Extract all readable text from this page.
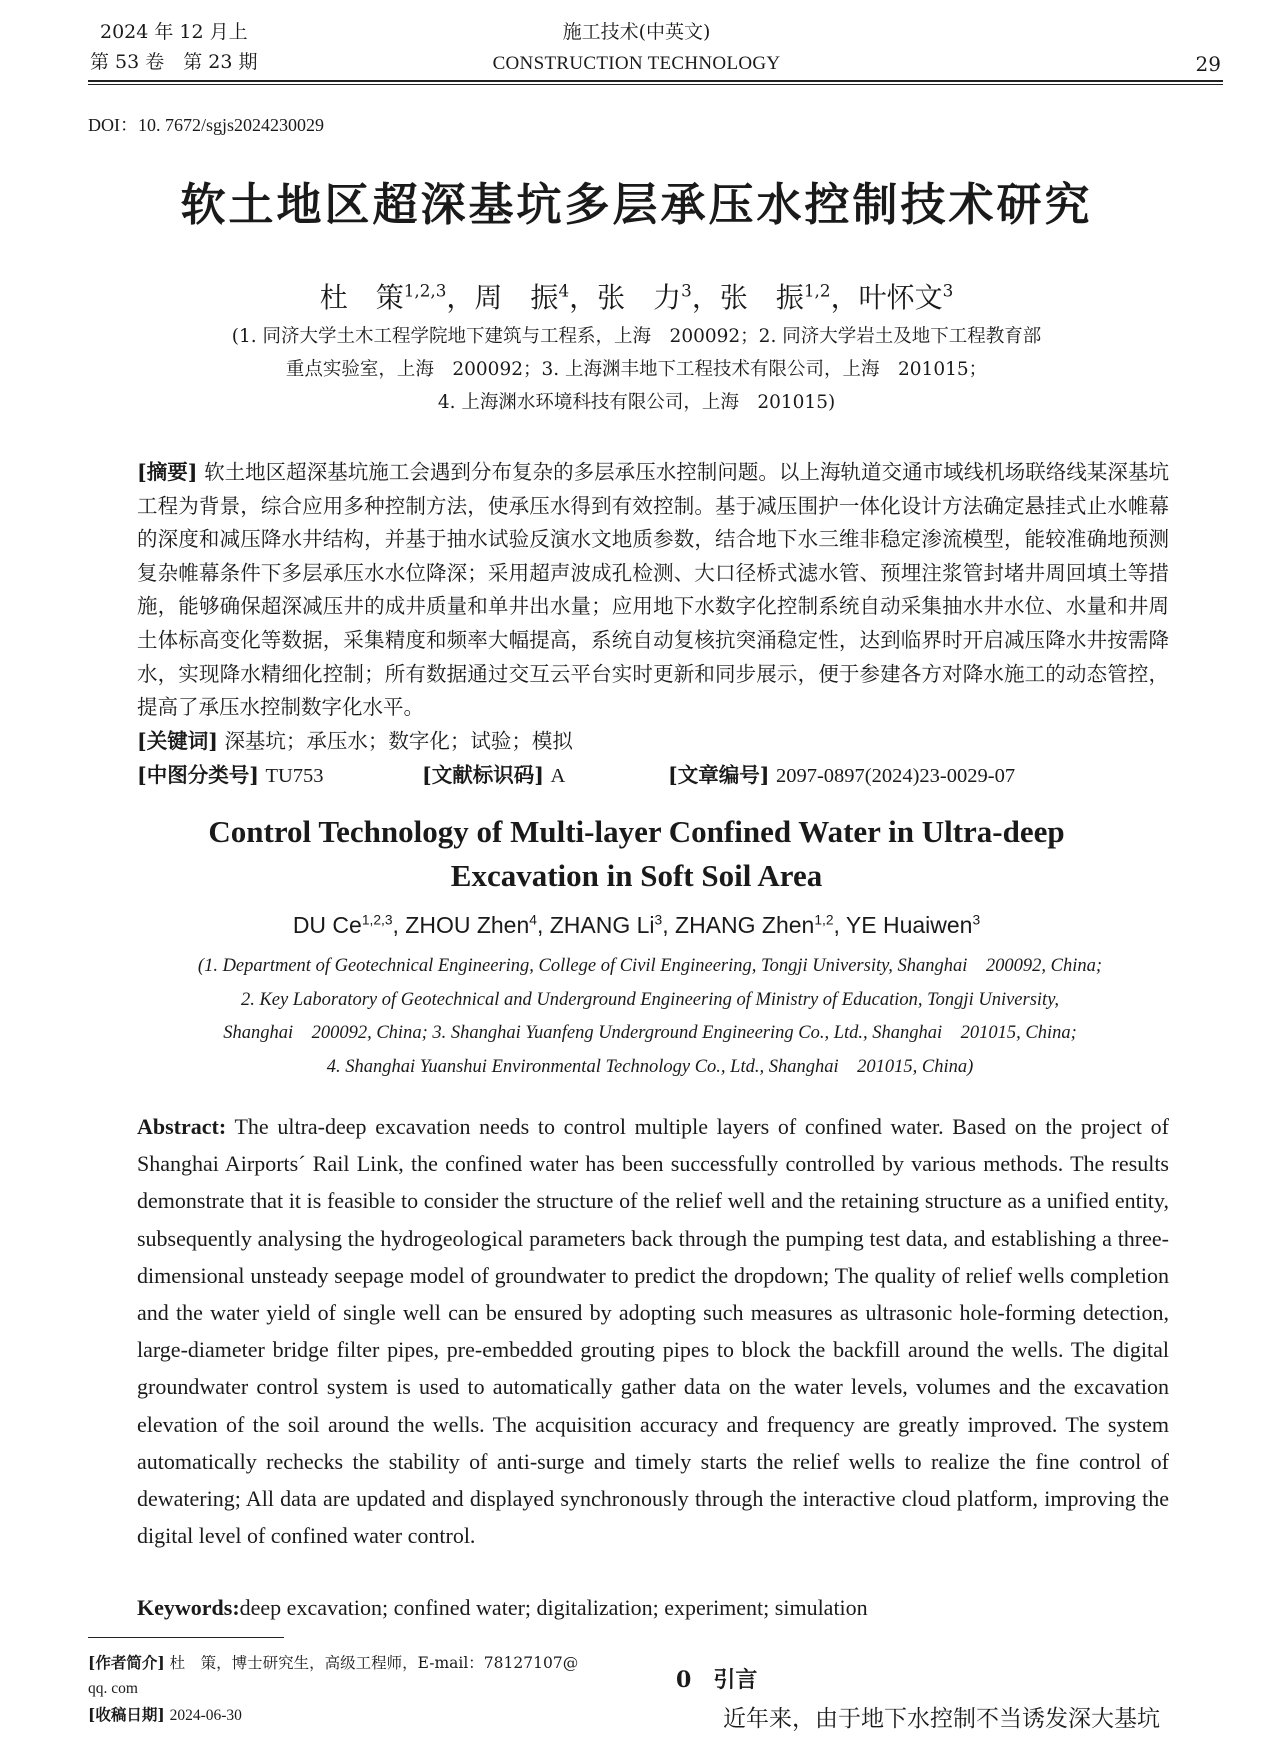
2024 年 12 月上
第 53 卷　第 23 期
施工技术(中英文)
CONSTRUCTION TECHNOLOGY	29
DOI：10. 7672/sgjs2024230029
软土地区超深基坑多层承压水控制技术研究
杜　策$^{1,2,3}$，周　振$^4$，张　力$^3$，张　振$^{1,2}$，叶怀文$^3$
(1. 同济大学土木工程学院地下建筑与工程系，上海　200092；2. 同济大学岩土及地下工程教育部
重点实验室，上海　200092；3. 上海渊丰地下工程技术有限公司，上海　201015；
4. 上海渊水环境科技有限公司，上海　201015)
[摘要] 软土地区超深基坑施工会遇到分布复杂的多层承压水控制问题。以上海轨道交通市域线机场联络线某深基坑工程为背景，综合应用多种控制方法，使承压水得到有效控制。基于减压围护一体化设计方法确定悬挂式止水帷幕的深度和减压降水井结构，并基于抽水试验反演水文地质参数，结合地下水三维非稳定渗流模型，能较准确地预测复杂帷幕条件下多层承压水水位降深；采用超声波成孔检测、大口径桥式滤水管、预埋注浆管封堵井周回填土等措施，能够确保超深减压井的成井质量和单井出水量；应用地下水数字化控制系统自动采集抽水井水位、水量和井周土体标高变化等数据，采集精度和频率大幅提高，系统自动复核抗突涌稳定性，达到临界时开启减压降水井按需降水，实现降水精细化控制；所有数据通过交互云平台实时更新和同步展示，便于参建各方对降水施工的动态管控，提高了承压水控制数字化水平。
[关键词] 深基坑；承压水；数字化；试验；模拟
[中图分类号] TU753	[文献标识码] A	[文章编号] 2097-0897(2024)23-0029-07
Control Technology of Multi-layer Confined Water in Ultra-deep
Excavation in Soft Soil Area
DU Ce$^{1,2,3}$, ZHOU Zhen$^4$, ZHANG Li$^3$, ZHANG Zhen$^{1,2}$, YE Huaiwen$^3$
(1. Department of Geotechnical Engineering, College of Civil Engineering, Tongji University, Shanghai　200092, China;
2. Key Laboratory of Geotechnical and Underground Engineering of Ministry of Education, Tongji University,
Shanghai　200092, China; 3. Shanghai Yuanfeng Underground Engineering Co., Ltd., Shanghai　201015, China;
4. Shanghai Yuanshui Environmental Technology Co., Ltd., Shanghai　201015, China)
Abstract: The ultra-deep excavation needs to control multiple layers of confined water. Based on the project of Shanghai Airports´ Rail Link, the confined water has been successfully controlled by various methods. The results demonstrate that it is feasible to consider the structure of the relief well and the retaining structure as a unified entity, subsequently analysing the hydrogeological parameters back through the pumping test data, and establishing a three-dimensional unsteady seepage model of groundwater to predict the dropdown; The quality of relief wells completion and the water yield of single well can be ensured by adopting such measures as ultrasonic hole-forming detection, large-diameter bridge filter pipes, pre-embedded grouting pipes to block the backfill around the wells. The digital groundwater control system is used to automatically gather data on the water levels, volumes and the excavation elevation of the soil around the wells. The acquisition accuracy and frequency are greatly improved. The system automatically rechecks the stability of anti-surge and timely starts the relief wells to realize the fine control of dewatering; All data are updated and displayed synchronously through the interactive cloud platform, improving the digital level of confined water control.
Keywords:deep excavation; confined water; digitalization; experiment; simulation
[作者简介] 杜　策，博士研究生，高级工程师，E-mail：78127107@
qq. com
[收稿日期] 2024-06-30
0　 引言
近年来，由于地下水控制不当诱发深大基坑
